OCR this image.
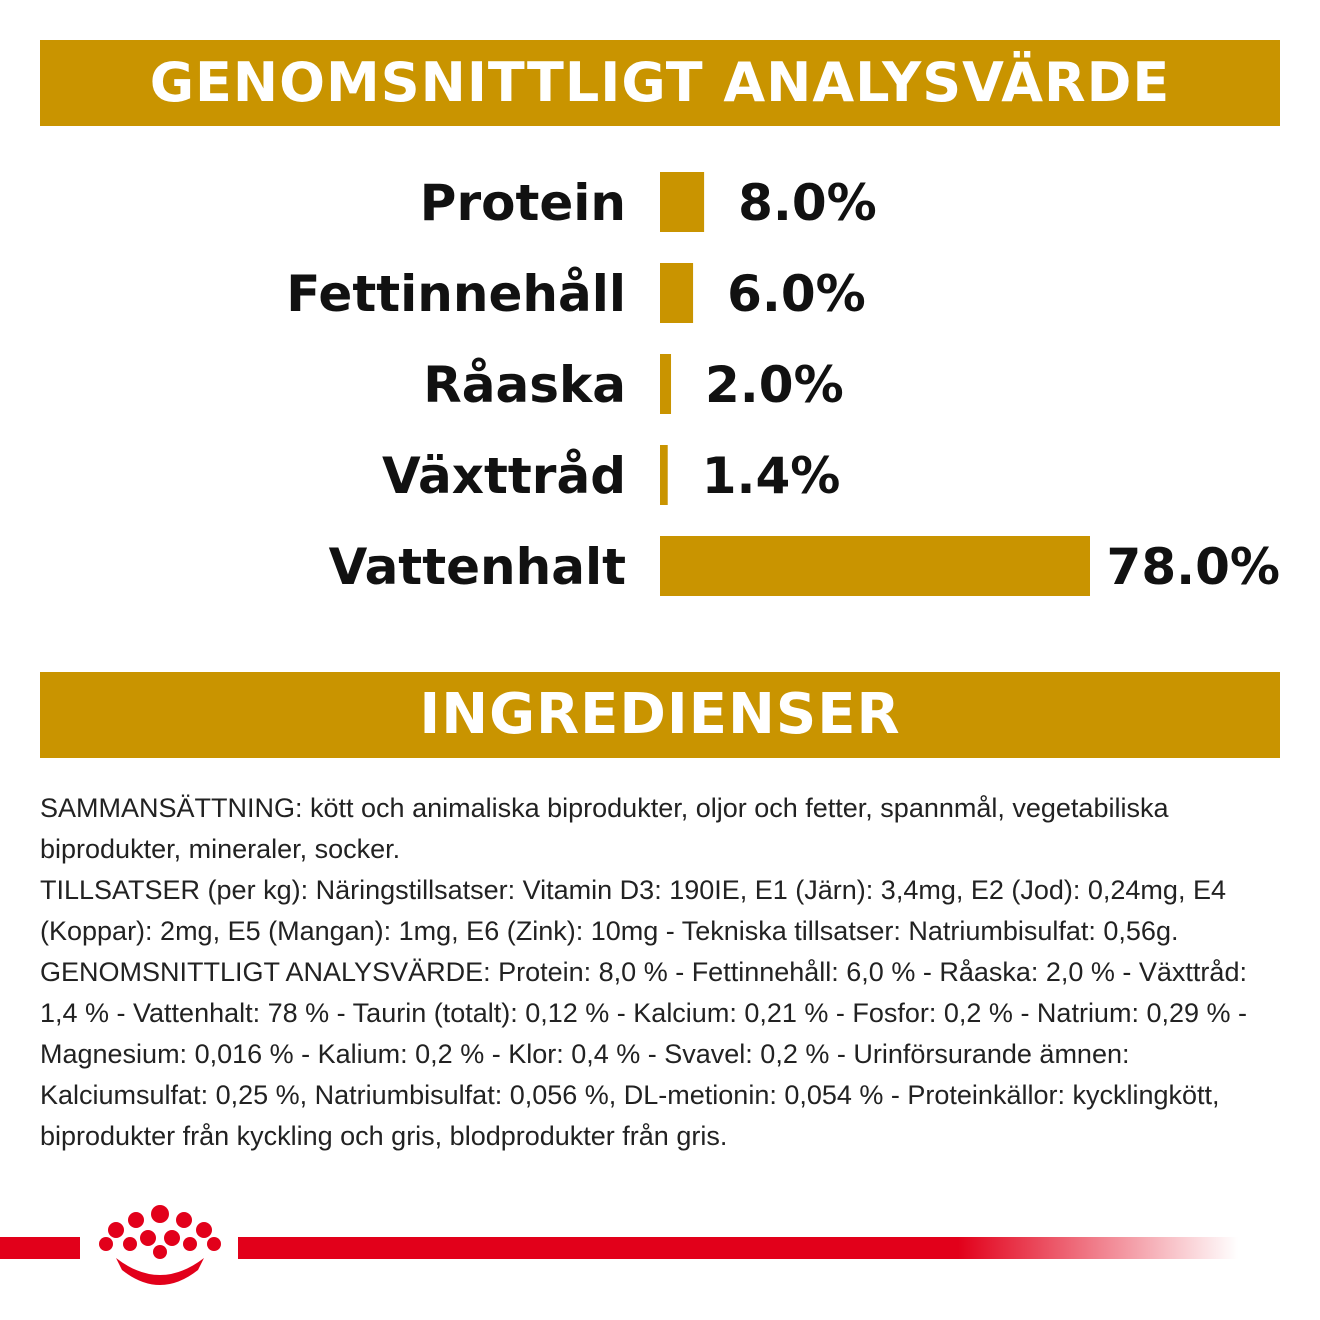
GENOMSNITTLIGT ANALYSVÄRDE
Protein 8.0%
Fettinnehåll 6.0%
Råaska 2.0%
Växttråd 1.4%
Vattenhalt	78.0%
INGREDIENSER

SAMMANSÄTTNING: kött och animaliska biprodukter, oljor och fetter, spannmål, vegetabiliska biprodukter, mineraler, socker.

TILLSATSER (per kg): Näringstillsatser: Vitamin D3: 190IE, E1 (Järn): 3,4mg, E2 (Jod): 0,24mg, E4 (Koppar): 2mg, E5 (Mangan): 1mg, E6 (Zink): 10mg - Tekniska tillsatser: Natriumbisulfat: 0,56g.

GENOMSNITTLIGT ANALYSVÄRDE: Protein: 8,0 % - Fettinnehåll: 6,0 % - Råaska: 2,0 % - Växttråd: 1,4 % - Vattenhalt: 78 % - Taurin (totalt): 0,12 % - Kalcium: 0,21 % - Fosfor: 0,2 % - Natrium: 0,29 % - Magnesium: 0,016 % - Kalium: 0,2 % - Klor: 0,4 % - Svavel: 0,2 % - Urinförsurande ämnen: Kalciumsulfat: 0,25 %, Natriumbisulfat: 0,056 %, DL-metionin: 0,054 % - Proteinkällor: kycklingkött, biprodukter från kyckling och gris, blodprodukter från gris.
